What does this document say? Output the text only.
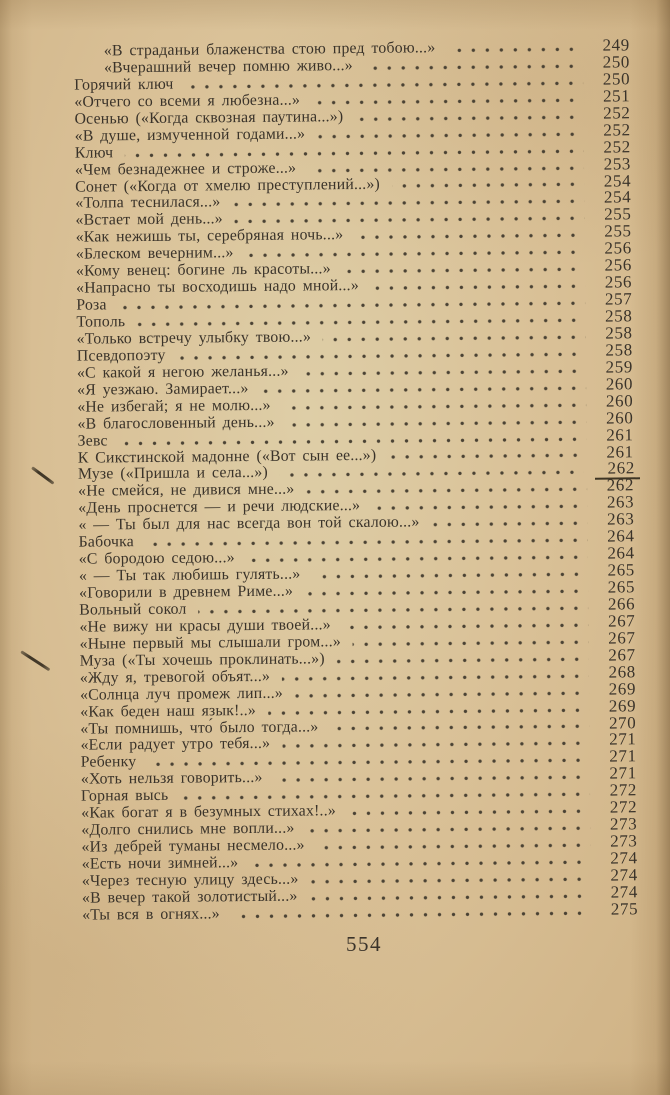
«В страданьи блаженства стою пред тобою...»	249
«Вчерашний вечер помню живо...»	250
Горячий ключ	250
«Отчего со всеми я любезна...»	251
Осенью («Когда сквозная паутина...»)	252
«В душе, измученной годами...»	252
Ключ	252
«Чем безнадежнее и строже...»	253
Сонет («Когда от хмелю преступлений...»)	254
«Толпа теснилася...»	254
«Встает мой день...»	255
«Как нежишь ты, серебряная ночь...»	255
«Блеском вечерним...»	256
«Кому венец: богине ль красоты...»	256
«Напрасно ты восходишь надо мной...»	256
Роза	257
Тополь	258
«Только встречу улыбку твою...»	258
Псевдопоэту	258
«С какой я негою желанья...»	259
«Я уезжаю. Замирает...»	260
«Не избегай; я не молю...»	260
«В благословенный день...»	260
Зевс	261
К Сикстинской мадонне («Вот сын ее...»)	261
Музе («Пришла и села...»)	262
«Не смейся, не дивися мне...»	262
«День проснется — и речи людские...»	263
« — Ты был для нас всегда вон той скалою...»	263
Бабочка	264
«С бородою седою...»	264
« — Ты так любишь гулять...»	265
«Говорили в древнем Риме...»	265
Вольный сокол	266
«Не вижу ни красы души твоей...»	267
«Ныне первый мы слышали гром...»	267
Муза («Ты хочешь проклинать...»)	267
«Жду я, тревогой объят...»	268
«Солнца луч промеж лип...»	269
«Как беден наш язык!..»	269
«Ты помнишь, что́ было тогда...»	270
«Если радует утро тебя...»	271
Ребенку	271
«Хоть нельзя говорить...»	271
Горная высь	272
«Как богат я в безумных стихах!..»	272
«Долго снились мне вопли...»	273
«Из дебрей туманы несмело...»	273
«Есть ночи зимней...»	274
«Через тесную улицу здесь...»	274
«В вечер такой золотистый...»	274
«Ты вся в огнях...»	275
554
